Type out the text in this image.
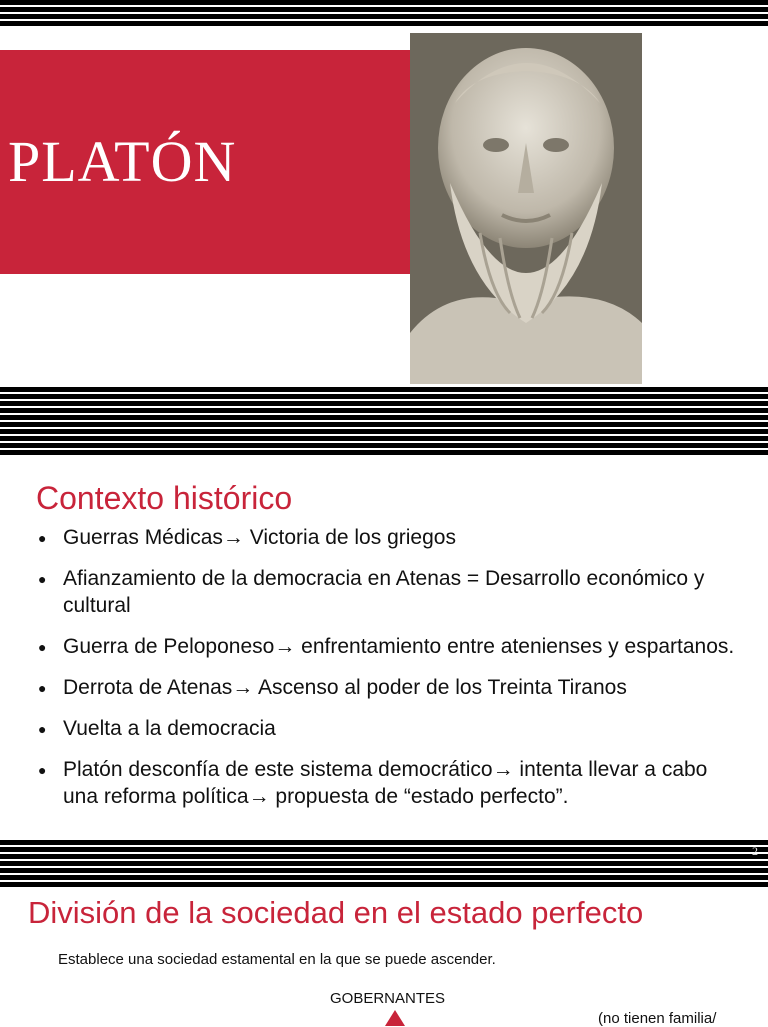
PLATÓN
Contexto histórico
● Guerras Médicas→ Victoria de los griegos
● Afianzamiento de la democracia en Atenas = Desarrollo económico y cultural
● Guerra de Peloponeso→ enfrentamiento entre atenienses y espartanos.
● Derrota de Atenas→ Ascenso al poder de los Treinta Tiranos
● Vuelta a la democracia
● Platón desconfía de este sistema democrático→ intenta llevar a cabo una reforma política→ propuesta de “estado perfecto”.
2
División de la sociedad en el estado perfecto
Establece una sociedad estamental en la que se puede ascender.
GOBERNANTES
(no tienen familia/
